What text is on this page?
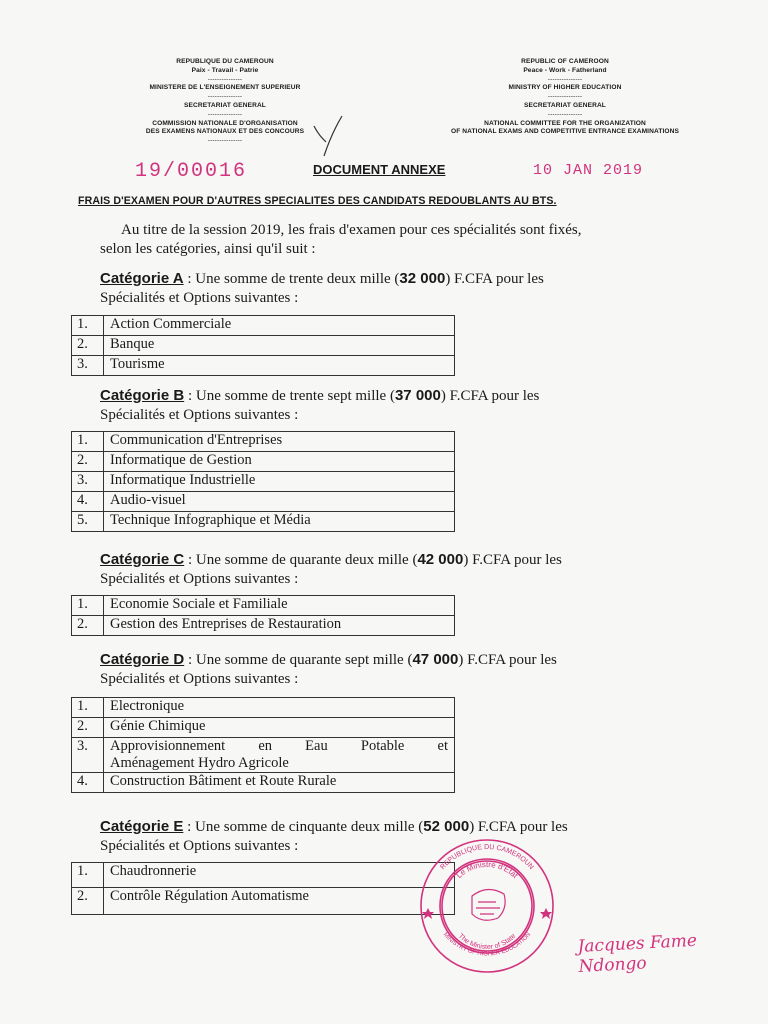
REPUBLIQUE DU CAMEROUN
Paix - Travail - Patrie
---------------
MINISTERE DE L'ENSEIGNEMENT SUPERIEUR
---------------
SECRETARIAT GENERAL
---------------
COMMISSION NATIONALE D'ORGANISATION
DES EXAMENS NATIONAUX ET DES CONCOURS
---------------
REPUBLIC OF CAMEROON
Peace - Work - Fatherland
---------------
MINISTRY OF HIGHER EDUCATION
---------------
SECRETARIAT GENERAL
---------------
NATIONAL COMMITTEE FOR THE ORGANIZATION
OF NATIONAL EXAMS AND COMPETITIVE ENTRANCE EXAMINATIONS
19/00016	DOCUMENT ANNEXE	10 JAN 2019
FRAIS D'EXAMEN POUR D'AUTRES SPECIALITES DES CANDIDATS REDOUBLANTS AU BTS.
Au titre de la session 2019, les frais d'examen pour ces spécialités sont fixés,
selon les catégories, ainsi qu'il suit :
Catégorie A : Une somme de trente deux mille (32 000) F.CFA pour les
Spécialités et Options suivantes :
1.	Action Commerciale
2.	Banque
3.	Tourisme
Catégorie B : Une somme de trente sept mille (37 000) F.CFA pour les
Spécialités et Options suivantes :
1.	Communication d'Entreprises
2.	Informatique de Gestion
3.	Informatique Industrielle
4.	Audio-visuel
5.	Technique Infographique et Média
Catégorie C : Une somme de quarante deux mille (42 000) F.CFA pour les
Spécialités et Options suivantes :
1.	Economie Sociale et Familiale
2.	Gestion des Entreprises de Restauration
Catégorie D : Une somme de quarante sept mille (47 000) F.CFA pour les
Spécialités et Options suivantes :
1.	Electronique
2.	Génie Chimique
3.	Approvisionnement en Eau Potable et
Aménagement Hydro Agricole

4.	Construction Bâtiment et Route Rurale
Catégorie E : Une somme de cinquante deux mille (52 000) F.CFA pour les
Spécialités et Options suivantes :
1.	Chaudronnerie
2.	Contrôle Régulation Automatisme
REPUBLIQUE DU CAMEROUN
MINISTRY OF HIGHER EDUCATION
Le Ministre d'Etat
The Minister of State	Jacques Fame Ndongo
